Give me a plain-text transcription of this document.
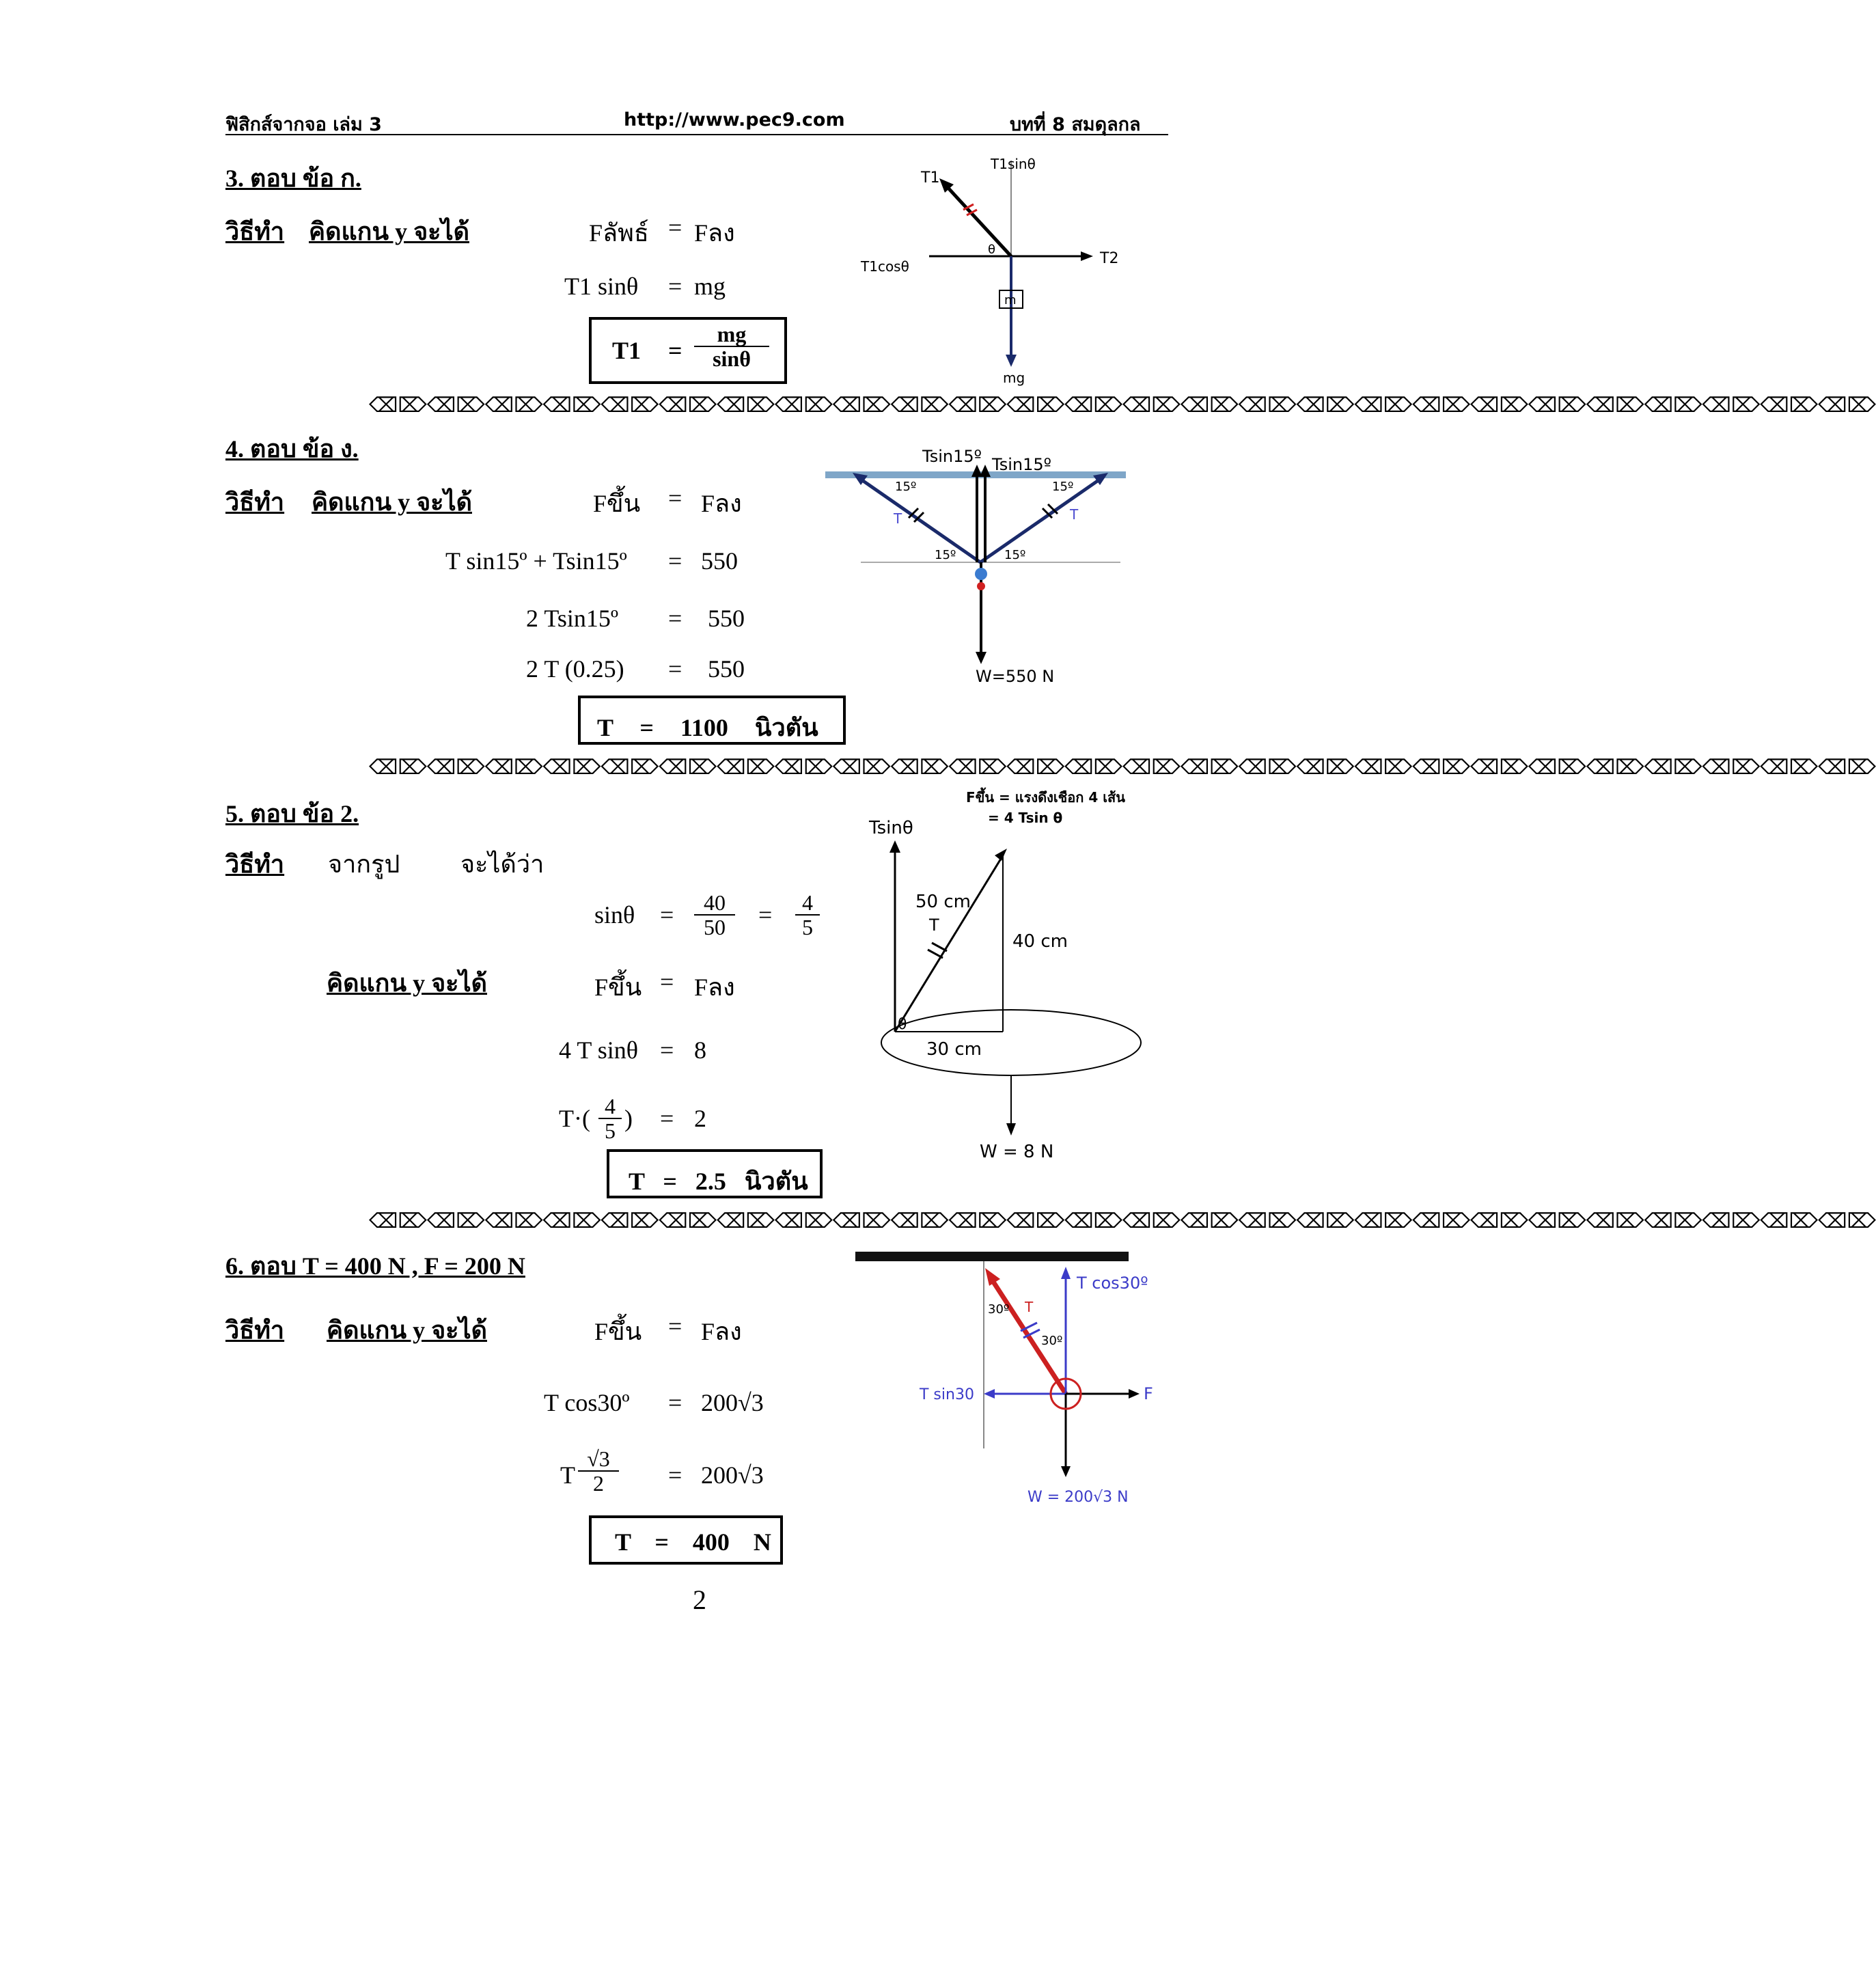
ฟิสิกส์จากจอ เล่ม 3	http://www.pec9.com	บทที่ 8 สมดุลกล
3. ตอบ ข้อ ก.
วิธีทำ คิดแกน y จะได้	Fลัพธ์ = Fลง
T1 sinθ = mg
$T1 = \frac{mg}{\sin\theta}$
T1
T1sinθ
T1cosθ	T2
θ
m
mg
⌫⌦⌫⌦⌫⌦⌫⌦⌫⌦⌫⌦⌫⌦⌫⌦⌫⌦⌫⌦⌫⌦⌫⌦⌫⌦⌫⌦⌫⌦⌫⌦⌫⌦⌫⌦⌫⌦⌫⌦⌫⌦⌫⌦⌫⌦⌫⌦⌫⌦⌫⌦
4. ตอบ ข้อ ง.
วิธีทำ คิดแกน y จะได้	Fขึ้น = Fลง
T sin15º + Tsin15º = 550
2 Tsin15º = 550
2 T (0.25) = 550
T = 1100 นิวตัน
Tsin15º Tsin15º
15º	15º
15º	15º
T	T
W=550 N
⌫⌦⌫⌦⌫⌦⌫⌦⌫⌦⌫⌦⌫⌦⌫⌦⌫⌦⌫⌦⌫⌦⌫⌦⌫⌦⌫⌦⌫⌦⌫⌦⌫⌦⌫⌦⌫⌦⌫⌦⌫⌦⌫⌦⌫⌦⌫⌦⌫⌦⌫⌦
5. ตอบ ข้อ 2.
วิธีทำ จากรูป จะได้ว่า
$\sin\theta = \frac{40}{50} = \frac{4}{5}$
คิดแกน y จะได้	Fขึ้น = Fลง
4 T sinθ = 8
$T\cdot( \frac{4}{5}$ ) = 2
T = 2.5 นิวตัน
Fขึ้น = แรงดึงเชือก 4 เส้น
= 4 Tsin θ
Tsinθ
50 cm
T
40 cm
θ
30 cm
W = 8 N
⌫⌦⌫⌦⌫⌦⌫⌦⌫⌦⌫⌦⌫⌦⌫⌦⌫⌦⌫⌦⌫⌦⌫⌦⌫⌦⌫⌦⌫⌦⌫⌦⌫⌦⌫⌦⌫⌦⌫⌦⌫⌦⌫⌦⌫⌦⌫⌦⌫⌦⌫⌦
6. ตอบ T = 400 N , F = 200 N
วิธีทำ คิดแกน y จะได้	Fขึ้น = Fลง
T cos30º = 200√3
T $\frac{√3}{2} = 200√3$
T = 400 N
T cos30º
30º
30º
T
T sin30	F
W = 200√3 N
2
